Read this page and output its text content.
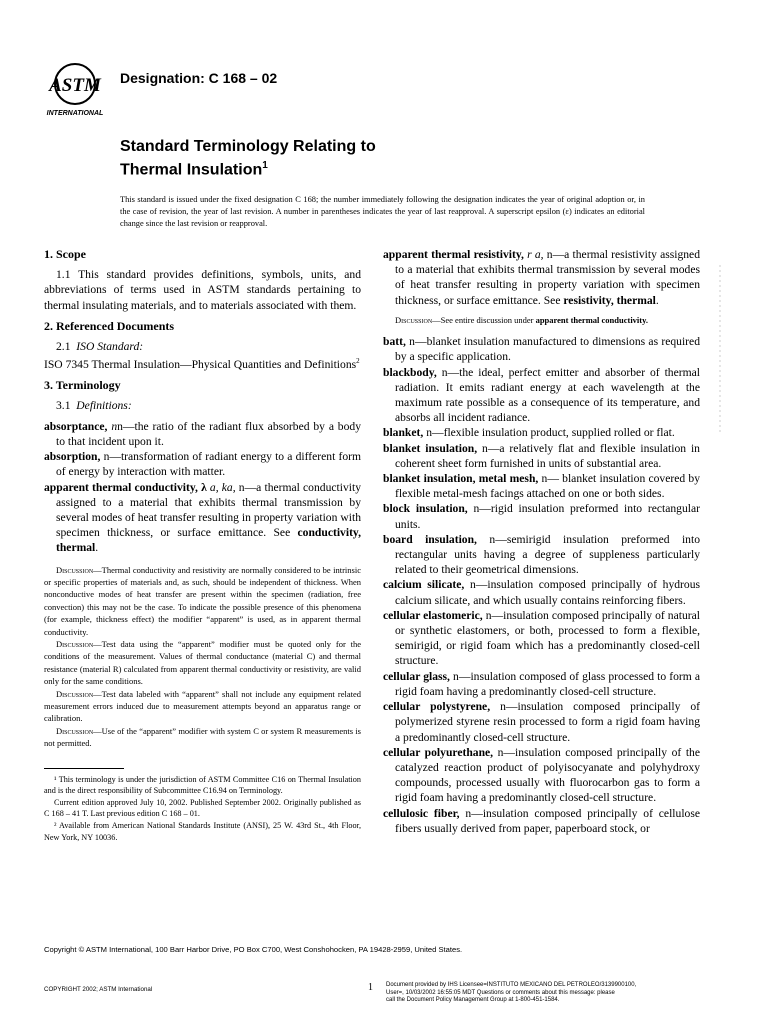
ASTM
INTERNATIONAL
Designation: C 168 – 02
Standard Terminology Relating to
Thermal Insulation$^1$
This standard is issued under the fixed designation C 168; the number immediately following the designation indicates the year of original adoption or, in the case of revision, the year of last revision. A number in parentheses indicates the year of last reapproval. A superscript epsilon (ε) indicates an editorial change since the last revision or reapproval.
1. Scope

1.1 This standard provides definitions, symbols, units, and abbreviations of terms used in ASTM standards pertaining to thermal insulating materials, and to materials associated with them.

2. Referenced Documents

2.1 ISO Standard:

ISO 7345 Thermal Insulation—Physical Quantities and Definitions$^2$

3. Terminology

3.1 Definitions:

absorptance, nn—the ratio of the radiant flux absorbed by a body to that incident upon it.

absorption, n—transformation of radiant energy to a different form of energy by interaction with matter.

apparent thermal conductivity, λ a, ka, n—a thermal conductivity assigned to a material that exhibits thermal transmission by several modes of heat transfer resulting in property variation with specimen thickness, or surface emittance. See conductivity, thermal.

Discussion—Thermal conductivity and resistivity are normally considered to be intrinsic or specific properties of materials and, as such, should be independent of thickness. When nonconductive modes of heat transfer are present within the specimen (radiation, free convection) this may not be the case. To indicate the possible presence of this phenomena (for example, thickness effect) the modifier “apparent” is used, as in apparent thermal conductivity.

Discussion—Test data using the “apparent” modifier must be quoted only for the conditions of the measurement. Values of thermal conductance (material C) and thermal resistance (material R) calculated from apparent thermal conductivity or resistivity, are valid only for the same conditions.

Discussion—Test data labeled with “apparent” shall not include any equipment related measurement errors induced due to measurement attempts beyond an apparatus range or calibration.

Discussion—Use of the “apparent” modifier with system C or system R measurements is not permitted.

¹ This terminology is under the jurisdiction of ASTM Committee C16 on Thermal Insulation and is the direct responsibility of Subcommittee C16.94 on Terminology.

Current edition approved July 10, 2002. Published September 2002. Originally published as C 168 – 41 T. Last previous edition C 168 – 01.

² Available from American National Standards Institute (ANSI), 25 W. 43rd St., 4th Floor, New York, NY 10036.

apparent thermal resistivity, r a, n—a thermal resistivity assigned to a material that exhibits thermal transmission by several modes of heat transfer resulting in property variation with specimen thickness, or surface emittance. See resistivity, thermal.

Discussion—See entire discussion under apparent thermal conductivity.

batt, n—blanket insulation manufactured to dimensions as required by a specific application.

blackbody, n—the ideal, perfect emitter and absorber of thermal radiation. It emits radiant energy at each wavelength at the maximum rate possible as a consequence of its temperature, and absorbs all incident radiance.

blanket, n—flexible insulation product, supplied rolled or flat.

blanket insulation, n—a relatively flat and flexible insulation in coherent sheet form furnished in units of substantial area.

blanket insulation, metal mesh, n— blanket insulation covered by flexible metal-mesh facings attached on one or both sides.

block insulation, n—rigid insulation preformed into rectangular units.

board insulation, n—semirigid insulation preformed into rectangular units having a degree of suppleness particularly related to their geometrical dimensions.

calcium silicate, n—insulation composed principally of hydrous calcium silicate, and which usually contains reinforcing fibers.

cellular elastomeric, n—insulation composed principally of natural or synthetic elastomers, or both, processed to form a flexible, semirigid, or rigid foam which has a predominantly closed-cell structure.

cellular glass, n—insulation composed of glass processed to form a rigid foam having a predominantly closed-cell structure.

cellular polystyrene, n—insulation composed principally of polymerized styrene resin processed to form a rigid foam having a predominantly closed-cell structure.

cellular polyurethane, n—insulation composed principally of the catalyzed reaction product of polyisocyanate and polyhydroxy compounds, processed usually with fluorocarbon gas to form a rigid foam having a predominantly closed-cell structure.

cellulosic fiber, n—insulation composed principally of cellulose fibers usually derived from paper, paperboard stock, or

Copyright © ASTM International, 100 Barr Harbor Drive, PO Box C700, West Conshohocken, PA 19428-2959, United States.
COPYRIGHT 2002; ASTM International	1 Document provided by IHS Licensee=INSTITUTO MEXICANO DEL PETROLEO/3139900100,
User=, 10/03/2002 16:55:05 MDT Questions or comments about this message: please
call the Document Policy Management Group at 1-800-451-1584.
